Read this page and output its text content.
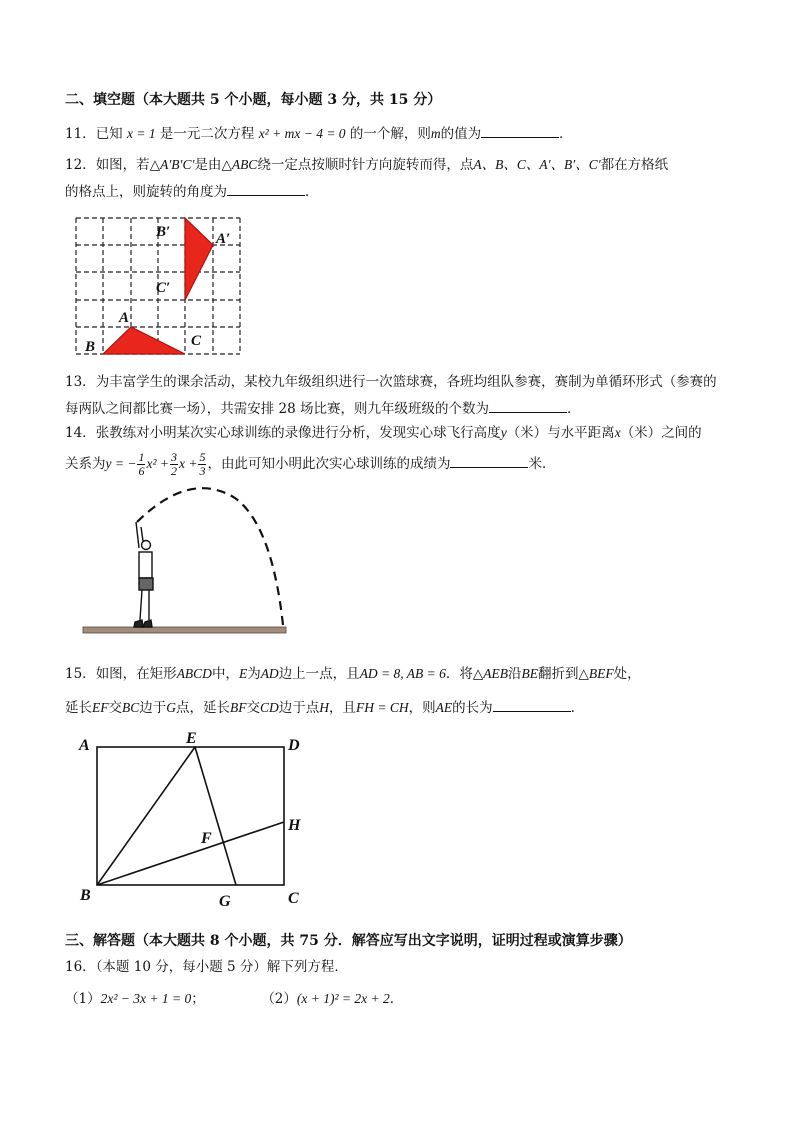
二、填空题（本大题共 5 个小题，每小题 3 分，共 15 分）
11．已知 x = 1 是一元二次方程 x² + mx − 4 = 0 的一个解，则m的值为	．
12．如图，若△A′B′C′是由△ABC绕一定点按顺时针方向旋转而得，点A、B、C、A′、B′、C′都在方格纸
的格点上，则旋转的角度为	．
B′	A′
C′
A
B	C
13．为丰富学生的课余活动，某校九年级组织进行一次篮球赛，各班均组队参赛，赛制为单循环形式（参赛的
每两队之间都比赛一场），共需安排 28 场比赛，则九年级班级的个数为	．
14．张教练对小明某次实心球训练的录像进行分析，发现实心球飞行高度y（米）与水平距离x（米）之间的
关系为y = − $\frac{1}{6} x^2 + \frac{3}{2}$ $x + \frac{5}{3}$ ，由此可知小明此次实心球训练的成绩为	米．
15．如图，在矩形ABCD中，E为AD边上一点，且AD = 8, AB = 6．将△AEB沿BE翻折到△BEF处，
延长EF交BC边于G点，延长BF交CD边于点H，且FH = CH，则AE的长为	．
A	E	D
H
F
B	G	C
三、解答题（本大题共 8 个小题，共 75 分．解答应写出文字说明，证明过程或演算步骤）
16．（本题 10 分，每小题 5 分）解下列方程．
（1）2x² − 3x + 1 = 0；	（2）(x + 1)² = 2x + 2．
